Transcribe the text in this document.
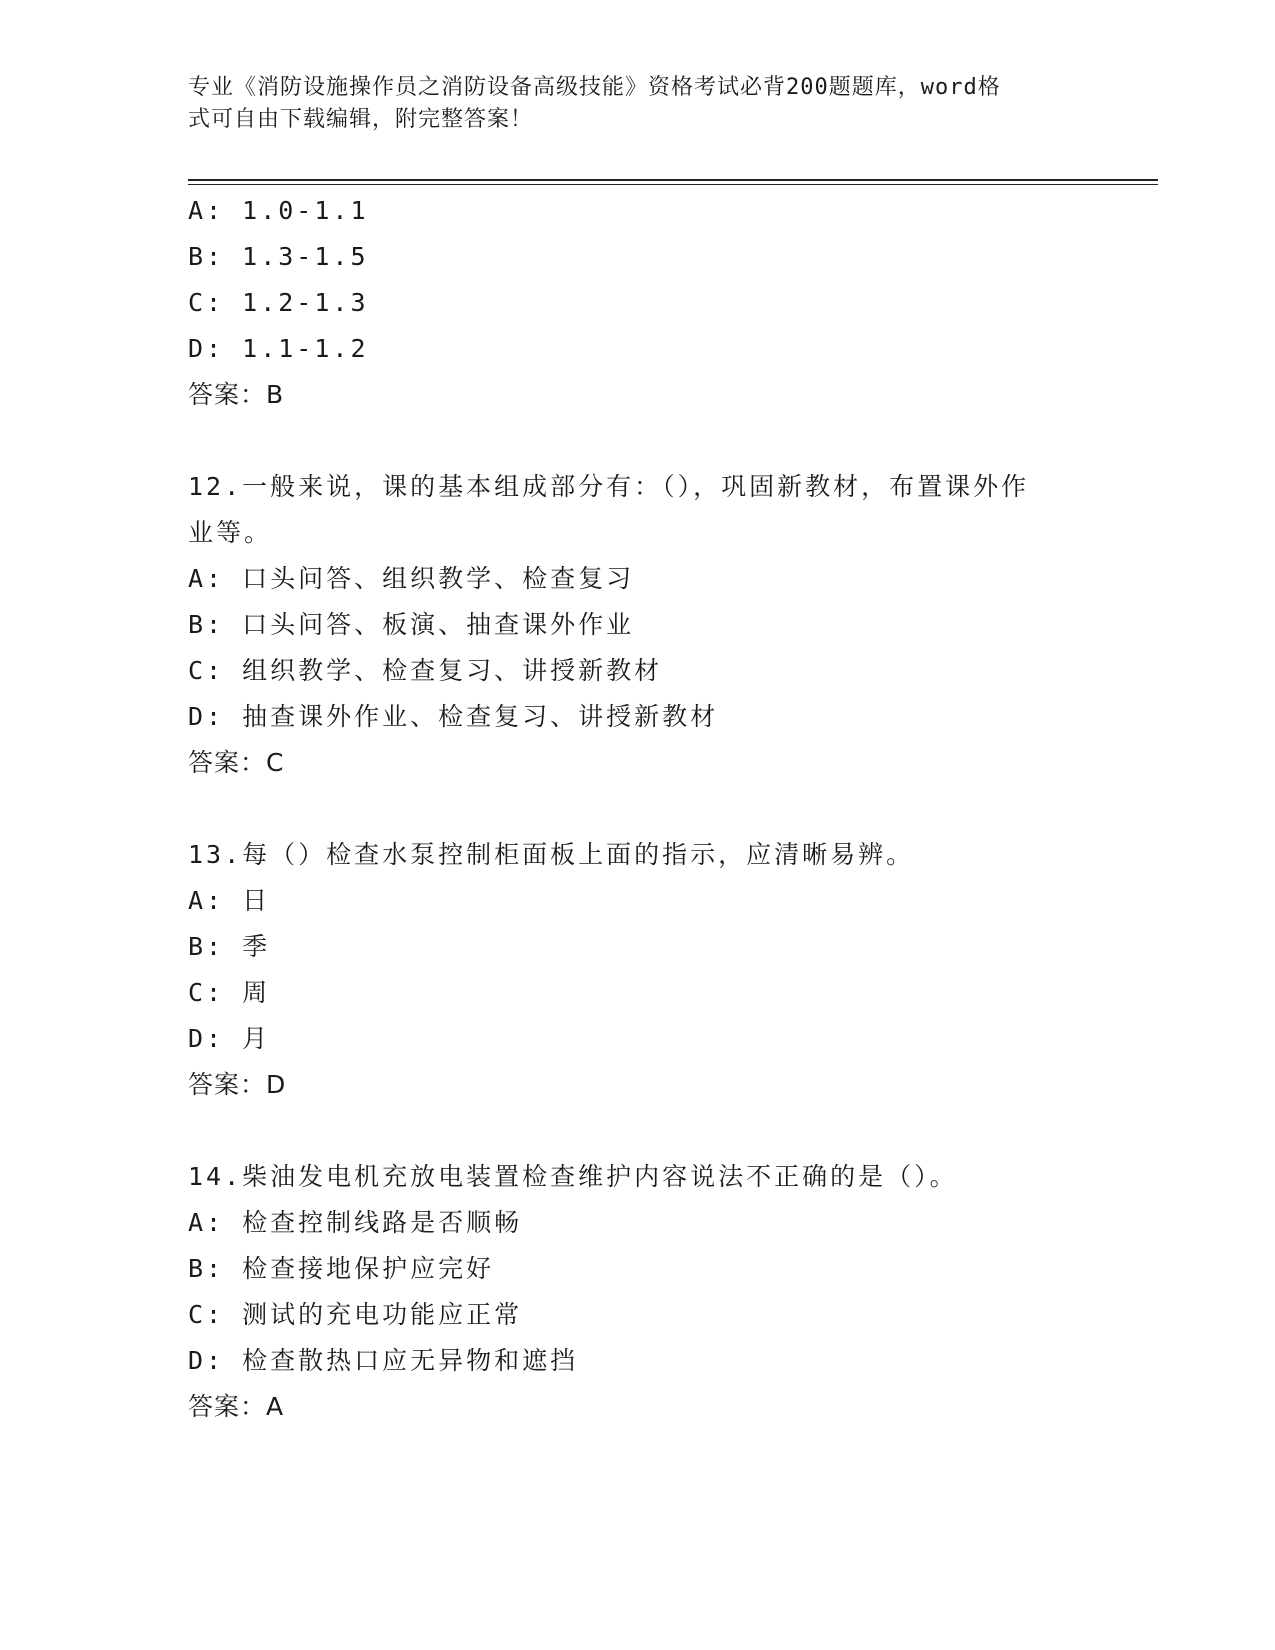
专业《消防设施操作员之消防设备高级技能》资格考试必背200题题库，word格
式可自由下载编辑，附完整答案！
A: 1.0-1.1
B: 1.3-1.5
C: 1.2-1.3
D: 1.1-1.2
答案：B
12.一般来说，课的基本组成部分有：（），巩固新教材，布置课外作
业等。
A: 口头问答、组织教学、检查复习
B: 口头问答、板演、抽查课外作业
C: 组织教学、检查复习、讲授新教材
D: 抽查课外作业、检查复习、讲授新教材
答案：C
13.每（）检查水泵控制柜面板上面的指示，应清晰易辨。
A: 日
B: 季
C: 周
D: 月
答案：D
14.柴油发电机充放电装置检查维护内容说法不正确的是（）。
A: 检查控制线路是否顺畅
B: 检查接地保护应完好
C: 测试的充电功能应正常
D: 检查散热口应无异物和遮挡
答案：A
